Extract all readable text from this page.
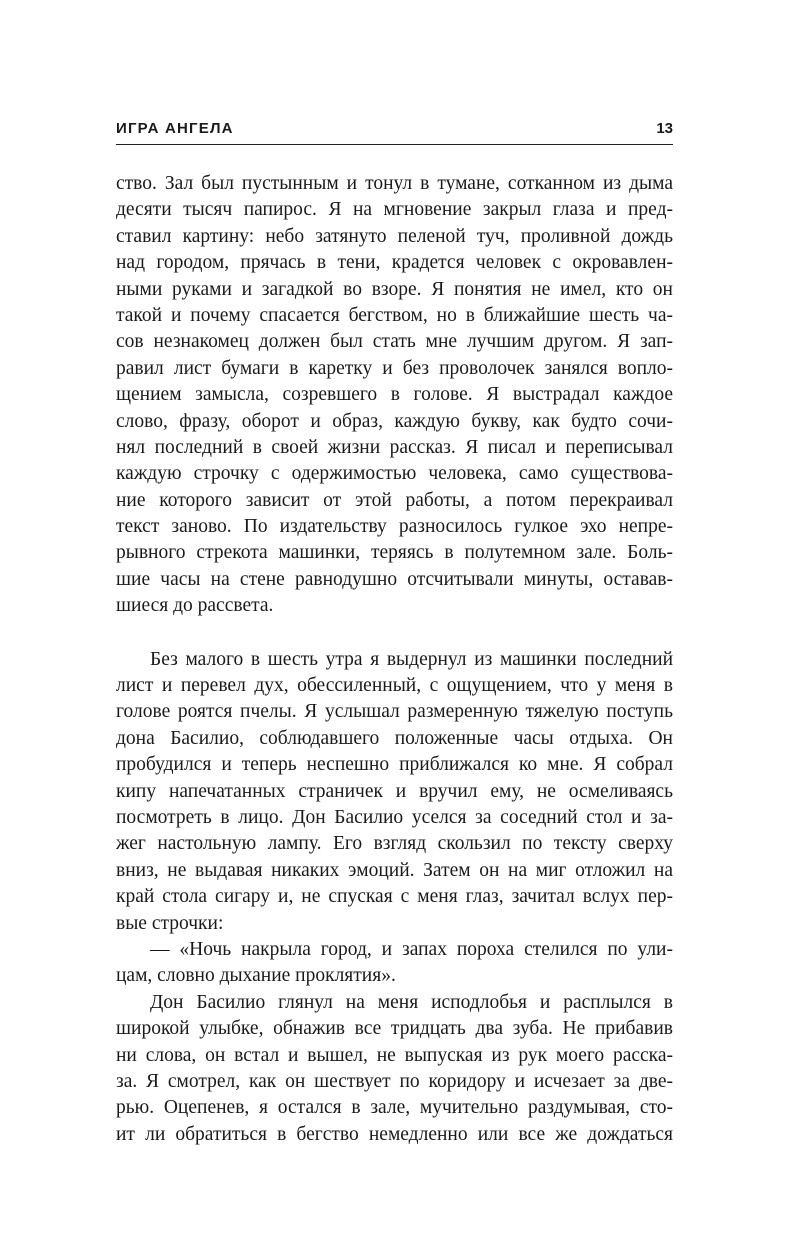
ИГРА АНГЕЛА	13
ство. Зал был пустынным и тонул в тумане, сотканном из дыма
десяти тысяч папирос. Я на мгновение закрыл глаза и пред-
ставил картину: небо затянуто пеленой туч, проливной дождь
над городом, прячась в тени, крадется человек с окровавлен-
ными руками и загадкой во взоре. Я понятия не имел, кто он
такой и почему спасается бегством, но в ближайшие шесть ча-
сов незнакомец должен был стать мне лучшим другом. Я зап-
равил лист бумаги в каретку и без проволочек занялся вопло-
щением замысла, созревшего в голове. Я выстрадал каждое
слово, фразу, оборот и образ, каждую букву, как будто сочи-
нял последний в своей жизни рассказ. Я писал и переписывал
каждую строчку с одержимостью человека, само существова-
ние которого зависит от этой работы, а потом перекраивал
текст заново. По издательству разносилось гулкое эхо непре-
рывного стрекота машинки, теряясь в полутемном зале. Боль-
шие часы на стене равнодушно отсчитывали минуты, оставав-
шиеся до рассвета.
Без малого в шесть утра я выдернул из машинки последний
лист и перевел дух, обессиленный, с ощущением, что у меня в
голове роятся пчелы. Я услышал размеренную тяжелую поступь
дона Басилио, соблюдавшего положенные часы отдыха. Он
пробудился и теперь неспешно приближался ко мне. Я собрал
кипу напечатанных страничек и вручил ему, не осмеливаясь
посмотреть в лицо. Дон Басилио уселся за соседний стол и за-
жег настольную лампу. Его взгляд скользил по тексту сверху
вниз, не выдавая никаких эмоций. Затем он на миг отложил на
край стола сигару и, не спуская с меня глаз, зачитал вслух пер-
вые строчки:
— «Ночь накрыла город, и запах пороха стелился по ули-
цам, словно дыхание проклятия».
Дон Басилио глянул на меня исподлобья и расплылся в
широкой улыбке, обнажив все тридцать два зуба. Не прибавив
ни слова, он встал и вышел, не выпуская из рук моего расска-
за. Я смотрел, как он шествует по коридору и исчезает за две-
рью. Оцепенев, я остался в зале, мучительно раздумывая, сто-
ит ли обратиться в бегство немедленно или все же дождаться
